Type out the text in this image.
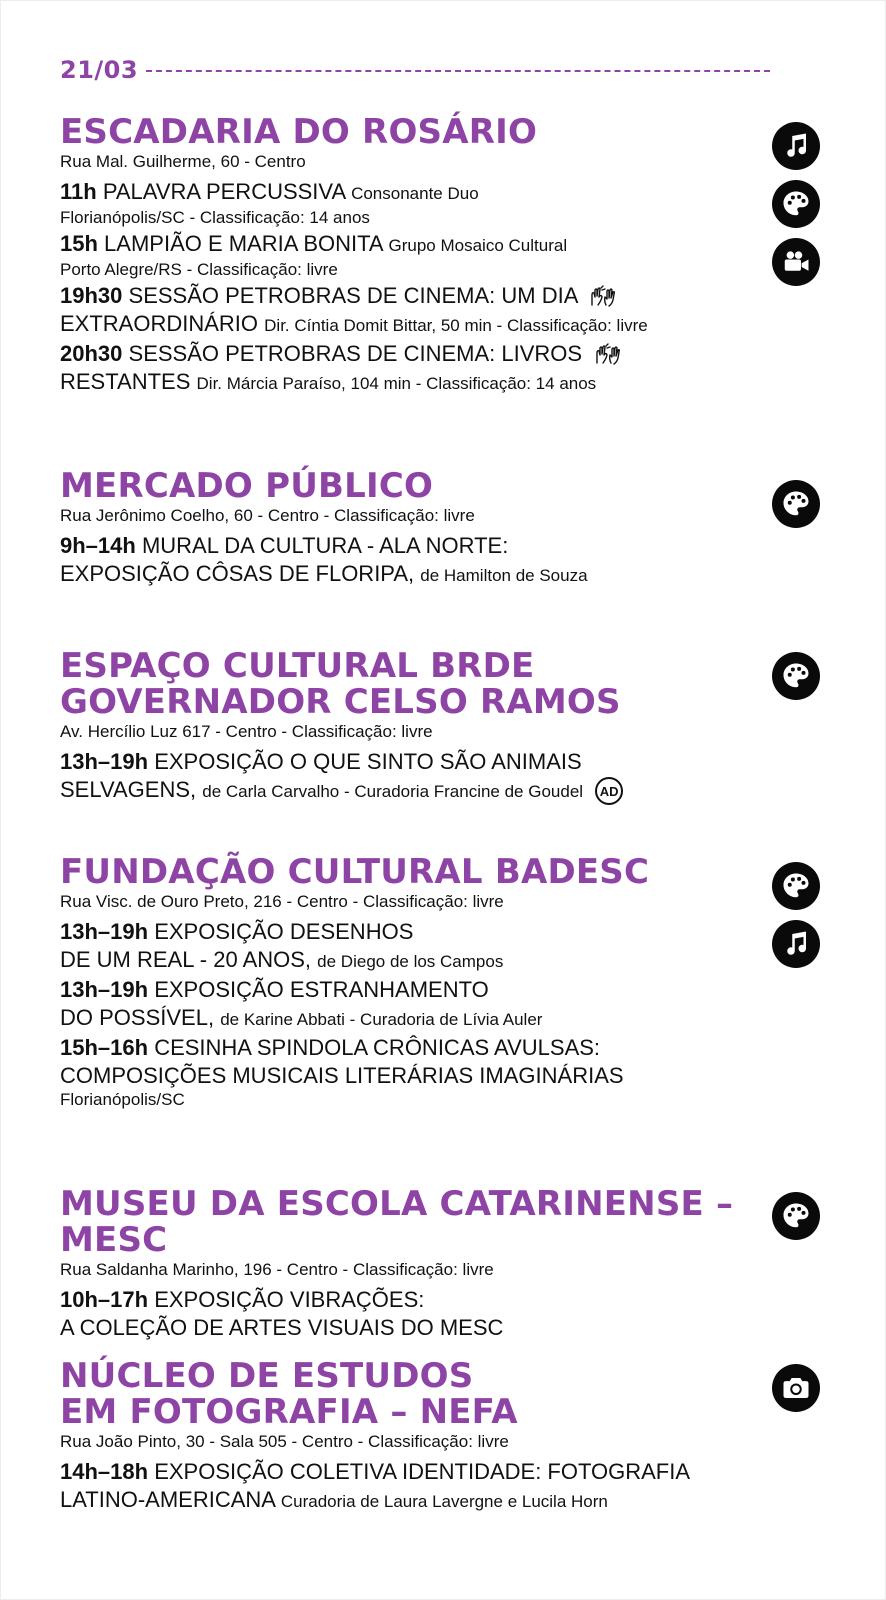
21/03
ESCADARIA DO ROSÁRIO
Rua Mal. Guilherme, 60 - Centro
11h PALAVRA PERCUSSIVA Consonante Duo
Florianópolis/SC - Classificação: 14 anos
15h LAMPIÃO E MARIA BONITA Grupo Mosaico Cultural
Porto Alegre/RS - Classificação: livre
19h30 SESSÃO PETROBRAS DE CINEMA: UM DIA
EXTRAORDINÁRIO Dir. Cíntia Domit Bittar, 50 min - Classificação: livre
20h30 SESSÃO PETROBRAS DE CINEMA: LIVROS
RESTANTES Dir. Márcia Paraíso, 104 min - Classificação: 14 anos
MERCADO PÚBLICO
Rua Jerônimo Coelho, 60 - Centro - Classificação: livre
9h–14h MURAL DA CULTURA - ALA NORTE:
EXPOSIÇÃO CÔSAS DE FLORIPA, de Hamilton de Souza
ESPAÇO CULTURAL BRDE
GOVERNADOR CELSO RAMOS
Av. Hercílio Luz 617 - Centro - Classificação: livre
13h–19h EXPOSIÇÃO O QUE SINTO SÃO ANIMAIS
SELVAGENS, de Carla Carvalho - Curadoria Francine de Goudel AD
FUNDAÇÃO CULTURAL BADESC
Rua Visc. de Ouro Preto, 216 - Centro - Classificação: livre
13h–19h EXPOSIÇÃO DESENHOS
DE UM REAL - 20 ANOS, de Diego de los Campos
13h–19h EXPOSIÇÃO ESTRANHAMENTO
DO POSSÍVEL, de Karine Abbati - Curadoria de Lívia Auler
15h–16h CESINHA SPINDOLA CRÔNICAS AVULSAS:
COMPOSIÇÕES MUSICAIS LITERÁRIAS IMAGINÁRIAS
Florianópolis/SC
MUSEU DA ESCOLA CATARINENSE – MESC
Rua Saldanha Marinho, 196 - Centro - Classificação: livre
10h–17h EXPOSIÇÃO VIBRAÇÕES:
A COLEÇÃO DE ARTES VISUAIS DO MESC
NÚCLEO DE ESTUDOS
EM FOTOGRAFIA – NEFA
Rua João Pinto, 30 - Sala 505 - Centro - Classificação: livre
14h–18h EXPOSIÇÃO COLETIVA IDENTIDADE: FOTOGRAFIA
LATINO-AMERICANA Curadoria de Laura Lavergne e Lucila Horn
